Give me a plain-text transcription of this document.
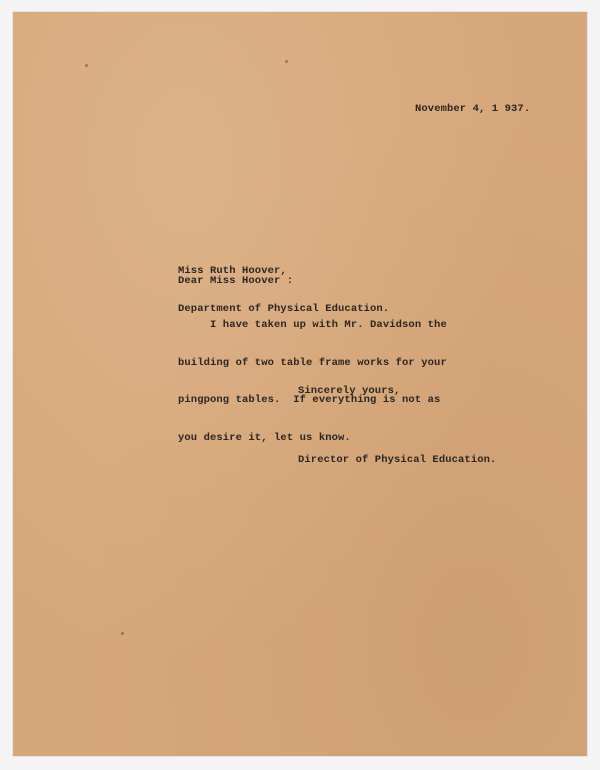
November 4, 1 937.

Miss Ruth Hoover,

Department of Physical Education.

Dear Miss Hoover :

I have taken up with Mr. Davidson the

building of two table frame works for your

pingpong tables.  If everything is not as

you desire it, let us know.

Sincerely yours,
Director of Physical Education.
